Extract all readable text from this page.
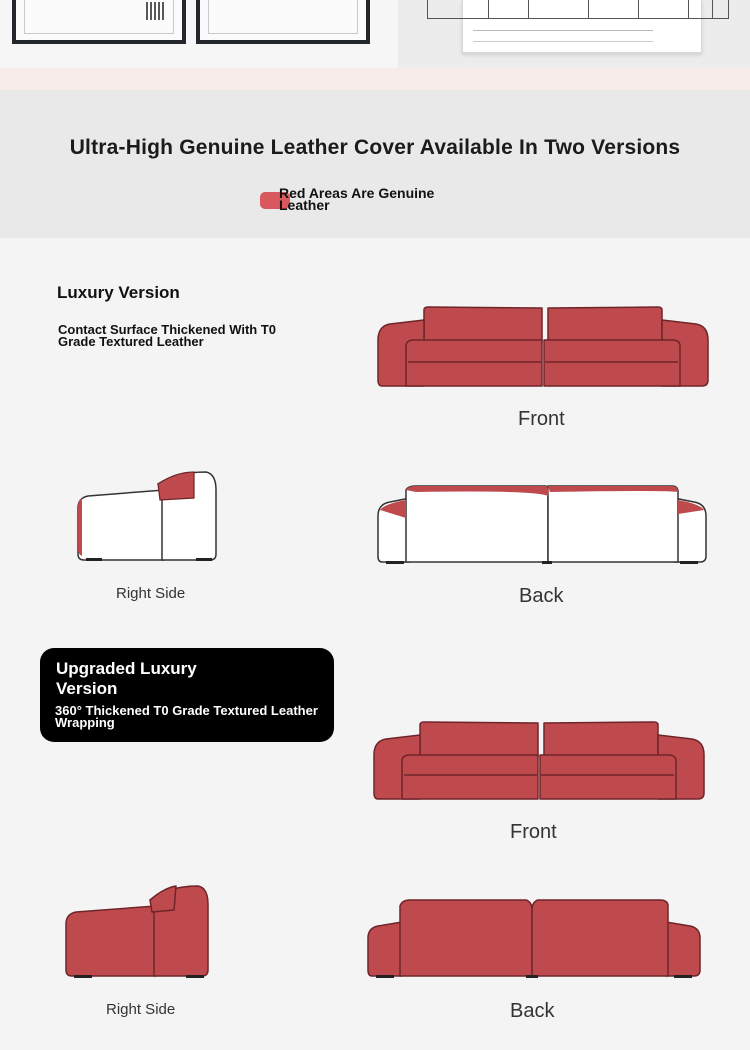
Ultra-High Genuine Leather Cover Available In Two Versions
Red Areas Are Genuine Leather
Luxury Version
Contact Surface Thickened With T0 Grade Textured Leather
Front
Right Side	Back
Upgraded Luxury Version
360° Thickened T0 Grade Textured Leather Wrapping
Front
Right Side	Back
